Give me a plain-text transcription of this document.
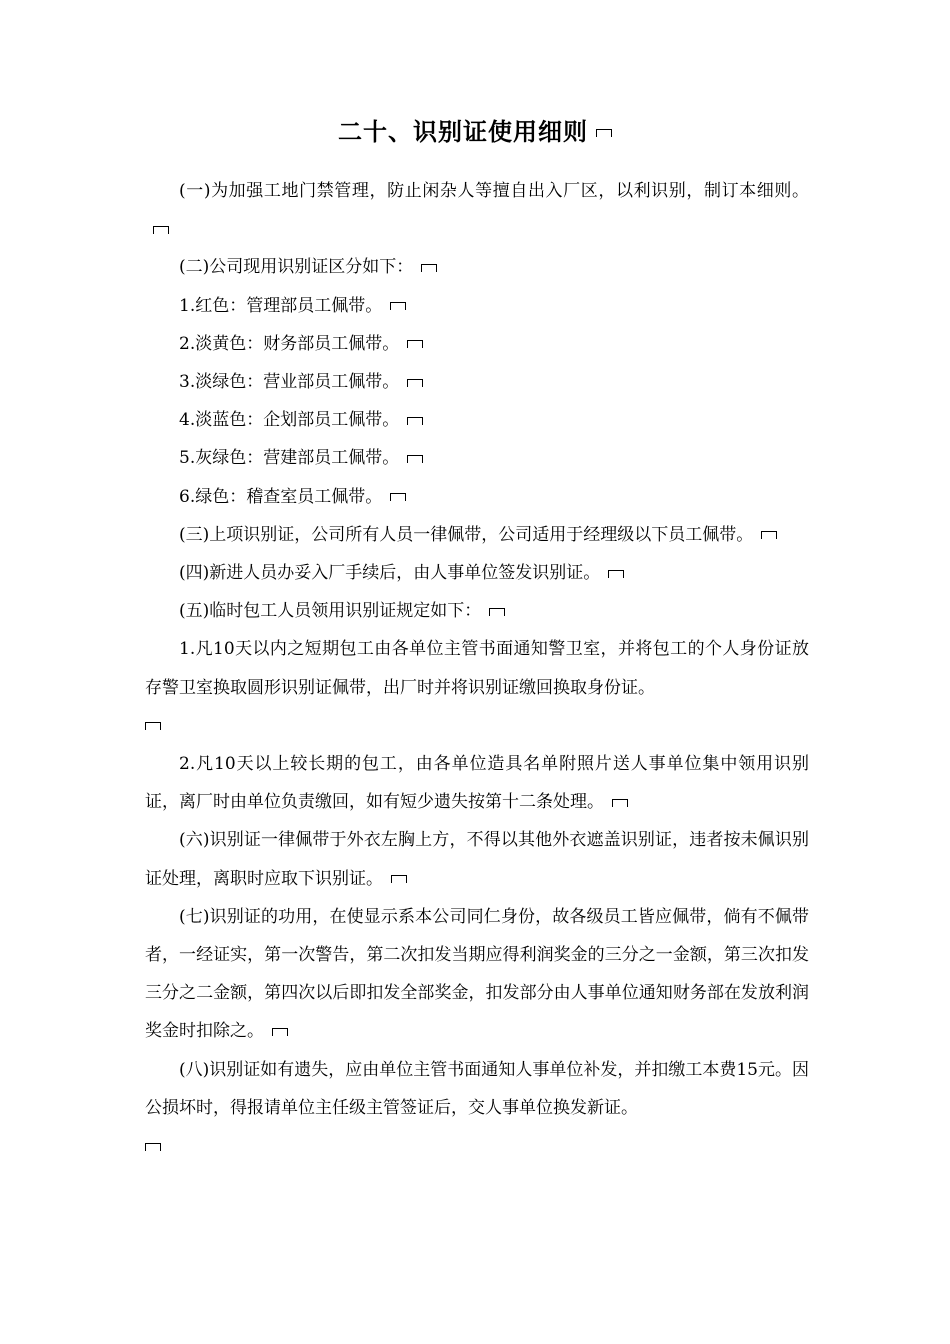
二十、识别证使用细则

(一)为加强工地门禁管理，防止闲杂人等擅自出入厂区，以利识别，制订本细则。

(二)公司现用识别证区分如下：

1.红色：管理部员工佩带。

2.淡黄色：财务部员工佩带。

3.淡绿色：营业部员工佩带。

4.淡蓝色：企划部员工佩带。

5.灰绿色：营建部员工佩带。

6.绿色：稽查室员工佩带。

(三)上项识别证，公司所有人员一律佩带，公司适用于经理级以下员工佩带。

(四)新进人员办妥入厂手续后，由人事单位签发识别证。

(五)临时包工人员领用识别证规定如下：

1.凡10天以内之短期包工由各单位主管书面通知警卫室，并将包工的个人身份证放存警卫室换取圆形识别证佩带，出厂时并将识别证缴回换取身份证。

2.凡10天以上较长期的包工，由各单位造具名单附照片送人事单位集中领用识别证，离厂时由单位负责缴回，如有短少遗失按第十二条处理。

(六)识别证一律佩带于外衣左胸上方，不得以其他外衣遮盖识别证，违者按未佩识别证处理，离职时应取下识别证。

(七)识别证的功用，在使显示系本公司同仁身份，故各级员工皆应佩带，倘有不佩带者，一经证实，第一次警告，第二次扣发当期应得利润奖金的三分之一金额，第三次扣发三分之二金额，第四次以后即扣发全部奖金，扣发部分由人事单位通知财务部在发放利润奖金时扣除之。

(八)识别证如有遗失，应由单位主管书面通知人事单位补发，并扣缴工本费15元。因公损坏时，得报请单位主任级主管签证后，交人事单位换发新证。
